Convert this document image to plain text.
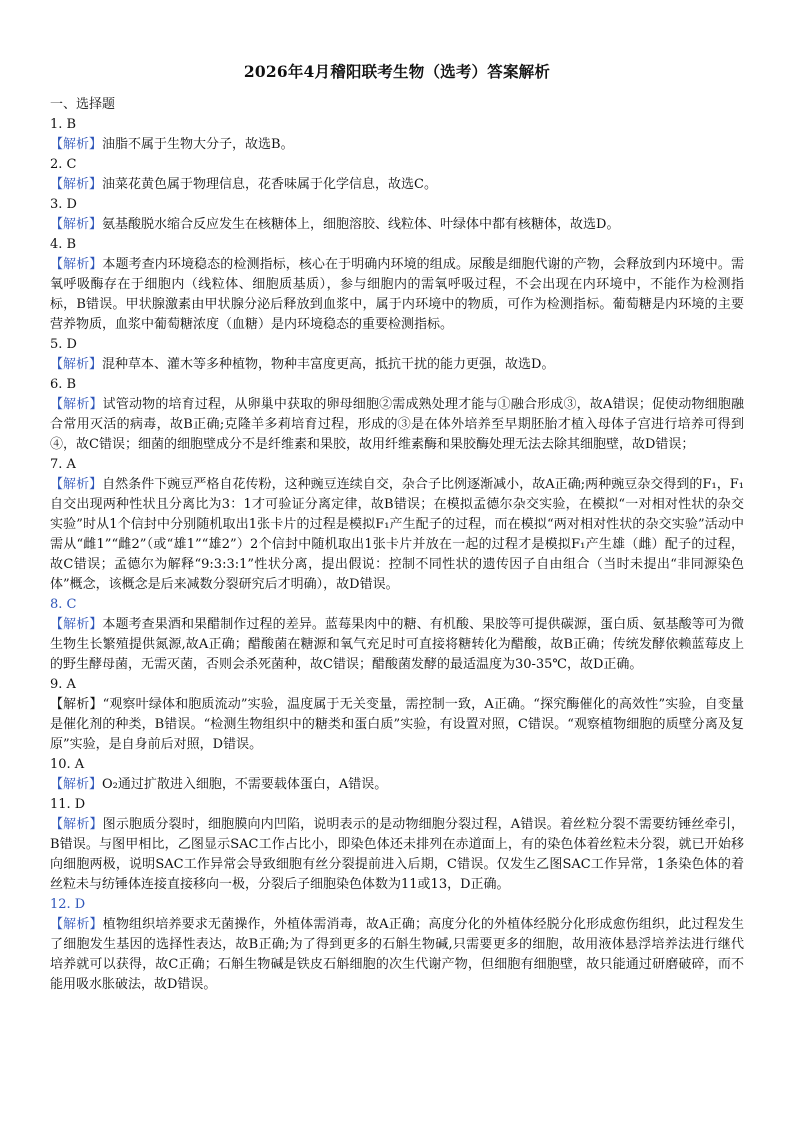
2026年4月稽阳联考生物（选考）答案解析

一、选择题

1. B

【解析】油脂不属于生物大分子，故选B。

2. C

【解析】油菜花黄色属于物理信息，花香味属于化学信息，故选C。

3. D

【解析】氨基酸脱水缩合反应发生在核糖体上，细胞溶胶、线粒体、叶绿体中都有核糖体，故选D。

4. B

【解析】本题考查内环境稳态的检测指标，核心在于明确内环境的组成。尿酸是细胞代谢的产物，会释放到内环境中。需氧呼吸酶存在于细胞内（线粒体、细胞质基质），参与细胞内的需氧呼吸过程，不会出现在内环境中，不能作为检测指标，B错误。甲状腺激素由甲状腺分泌后释放到血浆中，属于内环境中的物质，可作为检测指标。葡萄糖是内环境的主要营养物质，血浆中葡萄糖浓度（血糖）是内环境稳态的重要检测指标。

5. D

【解析】混种草本、灌木等多种植物，物种丰富度更高，抵抗干扰的能力更强，故选D。

6. B

【解析】试管动物的培育过程，从卵巢中获取的卵母细胞②需成熟处理才能与①融合形成③，故A错误；促使动物细胞融合常用灭活的病毒，故B正确;克隆羊多莉培育过程，形成的③是在体外培养至早期胚胎才植入母体子宫进行培养可得到④，故C错误；细菌的细胞壁成分不是纤维素和果胶，故用纤维素酶和果胶酶处理无法去除其细胞壁，故D错误；

7. A

【解析】自然条件下豌豆严格自花传粉，这种豌豆连续自交，杂合子比例逐渐减小，故A正确;两种豌豆杂交得到的F₁，F₁自交出现两种性状且分离比为3：1才可验证分离定律，故B错误；在模拟孟德尔杂交实验，在模拟“一对相对性状的杂交实验”时从1个信封中分别随机取出1张卡片的过程是模拟F₁产生配子的过程，而在模拟“两对相对性状的杂交实验”活动中需从“雌1”“雌2”（或“雄1”“雄2”）2个信封中随机取出1张卡片并放在一起的过程才是模拟F₁产生雄（雌）配子的过程，故C错误；孟德尔为解释“9:3:3:1”性状分离，提出假说：控制不同性状的遗传因子自由组合（当时未提出“非同源染色体”概念，该概念是后来减数分裂研究后才明确），故D错误。

8. C

【解析】本题考查果酒和果醋制作过程的差异。蓝莓果肉中的糖、有机酸、果胶等可提供碳源，蛋白质、氨基酸等可为微生物生长繁殖提供氮源,故A正确；醋酸菌在糖源和氧气充足时可直接将糖转化为醋酸，故B正确；传统发酵依赖蓝莓皮上的野生酵母菌，无需灭菌，否则会杀死菌种，故C错误；醋酸菌发酵的最适温度为30-35℃，故D正确。

9. A

【解析】“观察叶绿体和胞质流动”实验，温度属于无关变量，需控制一致，A正确。“探究酶催化的高效性”实验，自变量是催化剂的种类，B错误。“检测生物组织中的糖类和蛋白质”实验，有设置对照，C错误。“观察植物细胞的质壁分离及复原”实验，是自身前后对照，D错误。

10. A

【解析】O₂通过扩散进入细胞，不需要载体蛋白，A错误。

11. D

【解析】图示胞质分裂时，细胞膜向内凹陷，说明表示的是动物细胞分裂过程，A错误。着丝粒分裂不需要纺锤丝牵引，B错误。与图甲相比，乙图显示SAC工作占比小，即染色体还未排列在赤道面上，有的染色体着丝粒未分裂，就已开始移向细胞两极，说明SAC工作异常会导致细胞有丝分裂提前进入后期，C错误。仅发生乙图SAC工作异常，1条染色体的着丝粒未与纺锤体连接直接移向一极，分裂后子细胞染色体数为11或13，D正确。

12. D

【解析】植物组织培养要求无菌操作，外植体需消毒，故A正确；高度分化的外植体经脱分化形成愈伤组织，此过程发生了细胞发生基因的选择性表达，故B正确;为了得到更多的石斛生物碱,只需要更多的细胞，故用液体悬浮培养法进行继代培养就可以获得，故C正确；石斛生物碱是铁皮石斛细胞的次生代谢产物，但细胞有细胞壁，故只能通过研磨破碎，而不能用吸水胀破法，故D错误。
